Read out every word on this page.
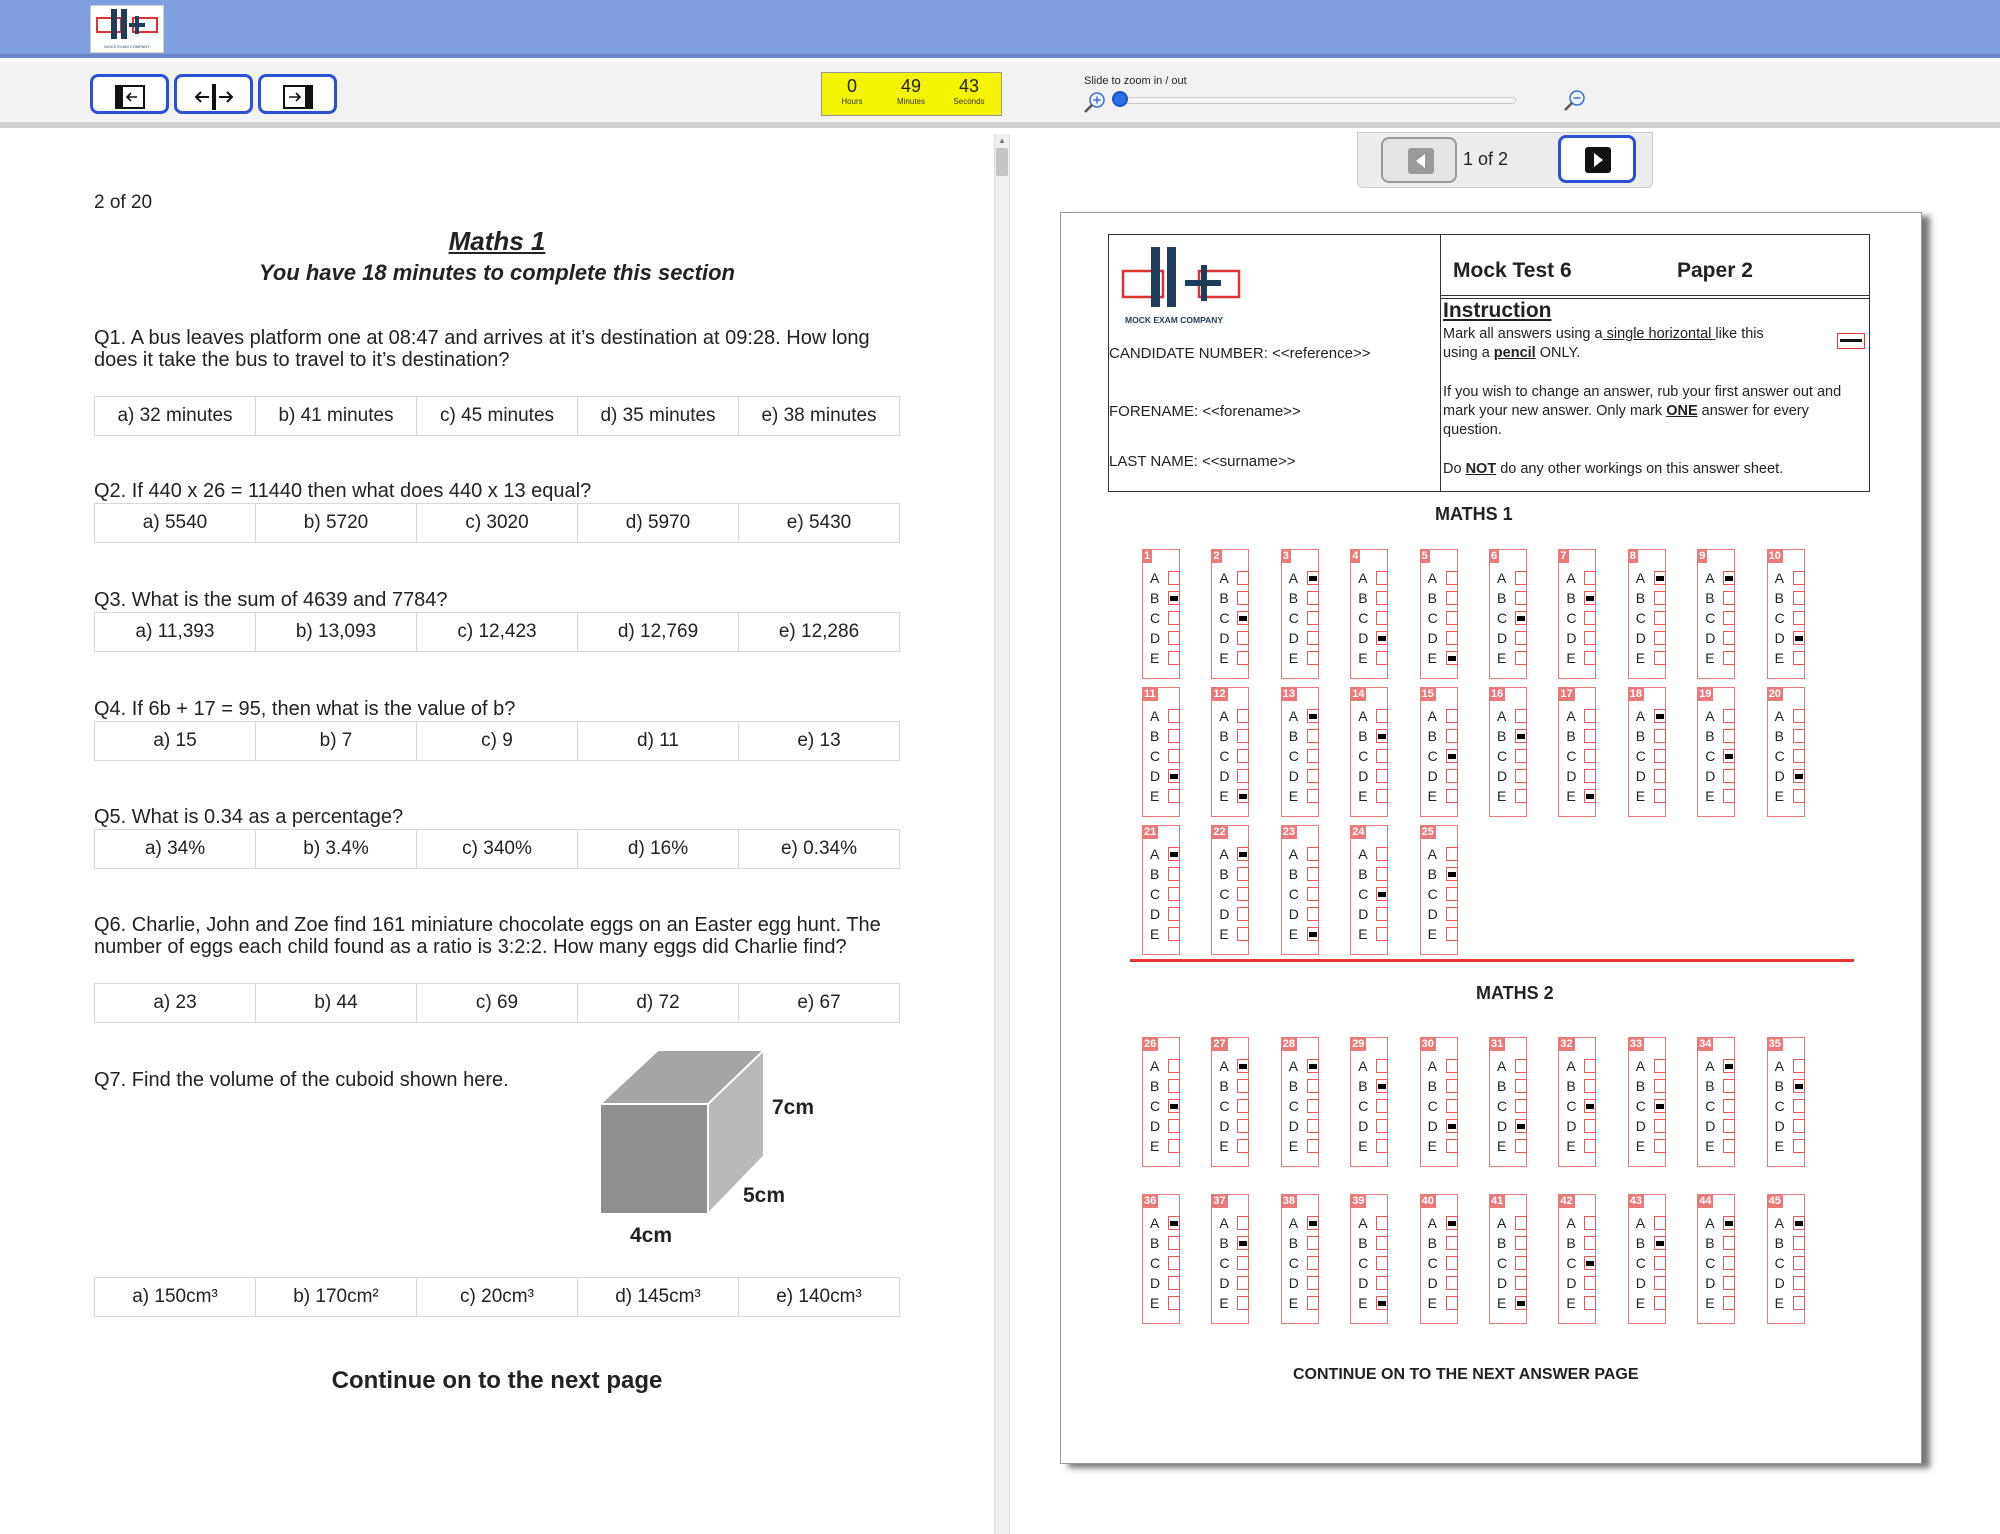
MOCK EXAM COMPANY
0
Hours
49
Minutes
43
Seconds
Slide to zoom in / out
2 of 20
Maths 1
You have 18 minutes to complete this section
Q1. A bus leaves platform one at 08:47 and arrives at it’s destination at 09:28. How long does it take the bus to travel to it’s destination?
a) 32 minutes	b) 41 minutes	c) 45 minutes	d) 35 minutes	e) 38 minutes
Q2. If 440 x 26 = 11440 then what does 440 x 13 equal?
a) 5540	b) 5720	c) 3020	d) 5970	e) 5430
Q3. What is the sum of 4639 and 7784?
a) 11,393	b) 13,093	c) 12,423	d) 12,769	e) 12,286
Q4. If 6b + 17 = 95, then what is the value of b?
a) 15	b) 7	c) 9	d) 11	e) 13
Q5. What is 0.34 as a percentage?
a) 34%	b) 3.4%	c) 340%	d) 16%	e) 0.34%
Q6. Charlie, John and Zoe find 161 miniature chocolate eggs on an Easter egg hunt. The number of eggs each child found as a ratio is 3:2:2. How many eggs did Charlie find?
a) 23	b) 44	c) 69	d) 72	e) 67
Q7. Find the volume of the cuboid shown here.
7cm
5cm
4cm
a) 150cm³	b) 170cm²	c) 20cm³	d) 145cm³	e) 140cm³
Continue on to the next page
▲
1 of 2
MOCK EXAM COMPANY
CANDIDATE NUMBER: <<reference>>
FORENAME: <<forename>>
LAST NAME: <<surname>>
Mock Test 6	Paper 2
Instruction
Mark all answers using a single horizontal like this
using a pencil ONLY.
If you wish to change an answer, rub your first answer out and mark your new answer. Only mark ONE answer for every question.
Do NOT do any other workings on this answer sheet.
MATHS 1
MATHS 2
CONTINUE ON TO THE NEXT ANSWER PAGE
1
A
B
C
D
E
2
A
B
C
D
E
3
A
B
C
D
E
4
A
B
C
D
E
5
A
B
C
D
E
6
A
B
C
D
E
7
A
B
C
D
E
8
A
B
C
D
E
9
A
B
C
D
E
10
A
B
C
D
E
11
A
B
C
D
E
12
A
B
C
D
E
13
A
B
C
D
E
14
A
B
C
D
E
15
A
B
C
D
E
16
A
B
C
D
E
17
A
B
C
D
E
18
A
B
C
D
E
19
A
B
C
D
E
20
A
B
C
D
E
21
A
B
C
D
E
22
A
B
C
D
E
23
A
B
C
D
E
24
A
B
C
D
E
25
A
B
C
D
E
26
A
B
C
D
E
27
A
B
C
D
E
28
A
B
C
D
E
29
A
B
C
D
E
30
A
B
C
D
E
31
A
B
C
D
E
32
A
B
C
D
E
33
A
B
C
D
E
34
A
B
C
D
E
35
A
B
C
D
E
36
A
B
C
D
E
37
A
B
C
D
E
38
A
B
C
D
E
39
A
B
C
D
E
40
A
B
C
D
E
41
A
B
C
D
E
42
A
B
C
D
E
43
A
B
C
D
E
44
A
B
C
D
E
45
A
B
C
D
E
